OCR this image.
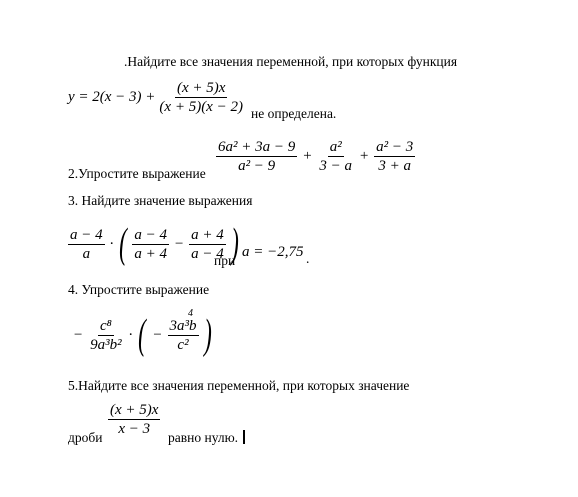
.Найдите все значения переменной, при которых функция
$y = 2(x - 3) + \frac{(x + 5)x}{(x + 5)(x - 2)}$ не определена.
$\frac{\text{6a² + 3a − 9}}{\text{a² − 9}} + \frac{\text{a²}}{3 - a} + \frac{\text{a² − 3}}{3 + a}$
2.Упростите выражение
3. Найдите значение выражения
$\frac{a - 4}{a}$ · ( $\frac{a - 4}{a + 4} - \frac{a + 4}{a - 4}$ )
при
a = −2,75 .
4. Упростите выражение
− $\frac{\text{c⁸}}{\text{9a³b²}}$ · ( − $\frac{\text{3a³b}}{\text{c²}}$ )
4
5.Найдите все значения переменной, при которых значение
$\frac{(x + 5)x}{x - 3}$
дроби	равно нулю.
